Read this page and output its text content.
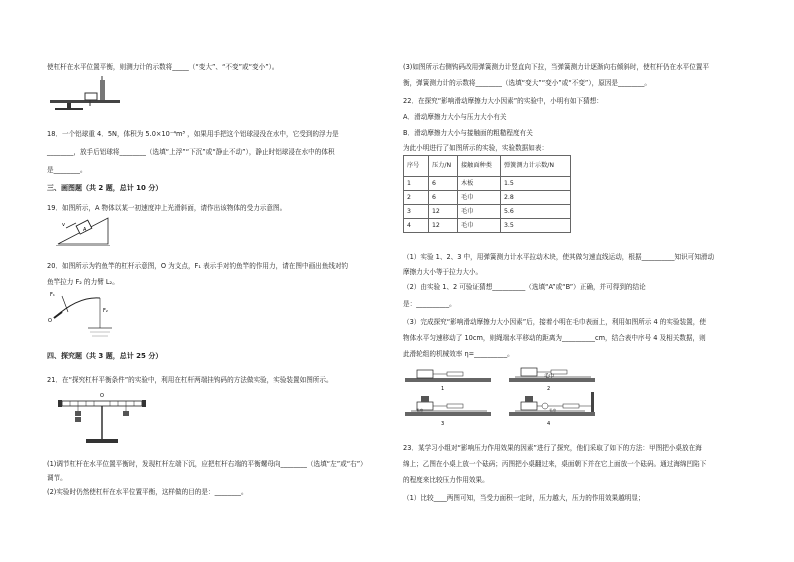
使杠杆在水平位置平衡，则测力计的示数将_____（“变大”、“不变”或“变小”）。
18．一个铝球重 4．5N，体积为 5.0×10⁻⁴m³ ，如果用手把这个铝球浸没在水中，它受到的浮力是
________，放手后铝球将________（选填“上浮”“下沉”或“静止不动”），静止时铝球浸在水中的体积
是________。
三、画图题（共 2 题，总计 10 分）
19．如图所示，A 物体以某一初速度冲上光滑斜面，请作出该物体的受力示意图。
v
A
20．如图所示为钓鱼竿的杠杆示意图，O 为支点，F₁ 表示手对钓鱼竿的作用力，请在图中画出鱼线对钓
鱼竿拉力 F₂ 的力臂 L₂。
F₁
F₂
O
四、探究题（共 3 题，总计 25 分）
21．在“探究杠杆平衡条件”的实验中，利用在杠杆两端挂钩码的方法做实验，实验装置如图所示。
O
(1)调节杠杆在水平位置平衡时，发现杠杆左端下沉，应把杠杆右端的平衡螺母向________（选填“左”或“右”）
调节。
(2)实验时仍然使杠杆在水平位置平衡，这样做的目的是：________。
(3)如图所示右侧钩码改用弹簧测力计竖直向下拉，当弹簧测力计逐渐向右倾斜时，使杠杆仍在水平位置平
衡，弹簧测力计的示数将________（选填“变大”“变小”或“不变”），原因是________。
22．在探究“影响滑动摩擦力大小因素”的实验中，小明有如下猜想：
A．滑动摩擦力大小与压力大小有关
B．滑动摩擦力大小与接触面的粗糙程度有关
为此小明进行了如图所示的实验，实验数据如表：
序号	压力/N	接触面种类	弹簧测力计示数/N
1	6	木板	1.5
2	6	毛巾	2.8
3	12	毛巾	5.6
4	12	毛巾	3.5
（1）实验 1、2、3 中，用弹簧测力计水平拉动木块，使其做匀速直线运动，根据__________知识可知滑动
摩擦力大小等于拉力大小。
（2）由实验 1、2 可验证猜想__________（选填“A”或“B”）正确，并可得到的结论
是：__________。
（3）完成探究“影响滑动摩擦力大小因素”后，接着小明在毛巾表面上，利用如图所示 4 的实验装置，使
物体水平匀速移动了 10cm，则绳端水平移动的距离为__________cm，结合表中序号 4 及相关数据，则
此滑轮组的机械效率 η=__________。
1
毛巾
2
毛巾
3
毛巾
4
23．某学习小组对“影响压力作用效果的因素”进行了探究，他们采取了如下的方法：甲图把小桌放在海
绵上；乙图在小桌上放一个砝码；丙图把小桌翻过来，桌面朝下并在它上面放一个砝码。通过海绵凹陷下
的程度来比较压力作用效果。
（1）比较____两图可知，当受力面积一定时，压力越大，压力的作用效果越明显；
